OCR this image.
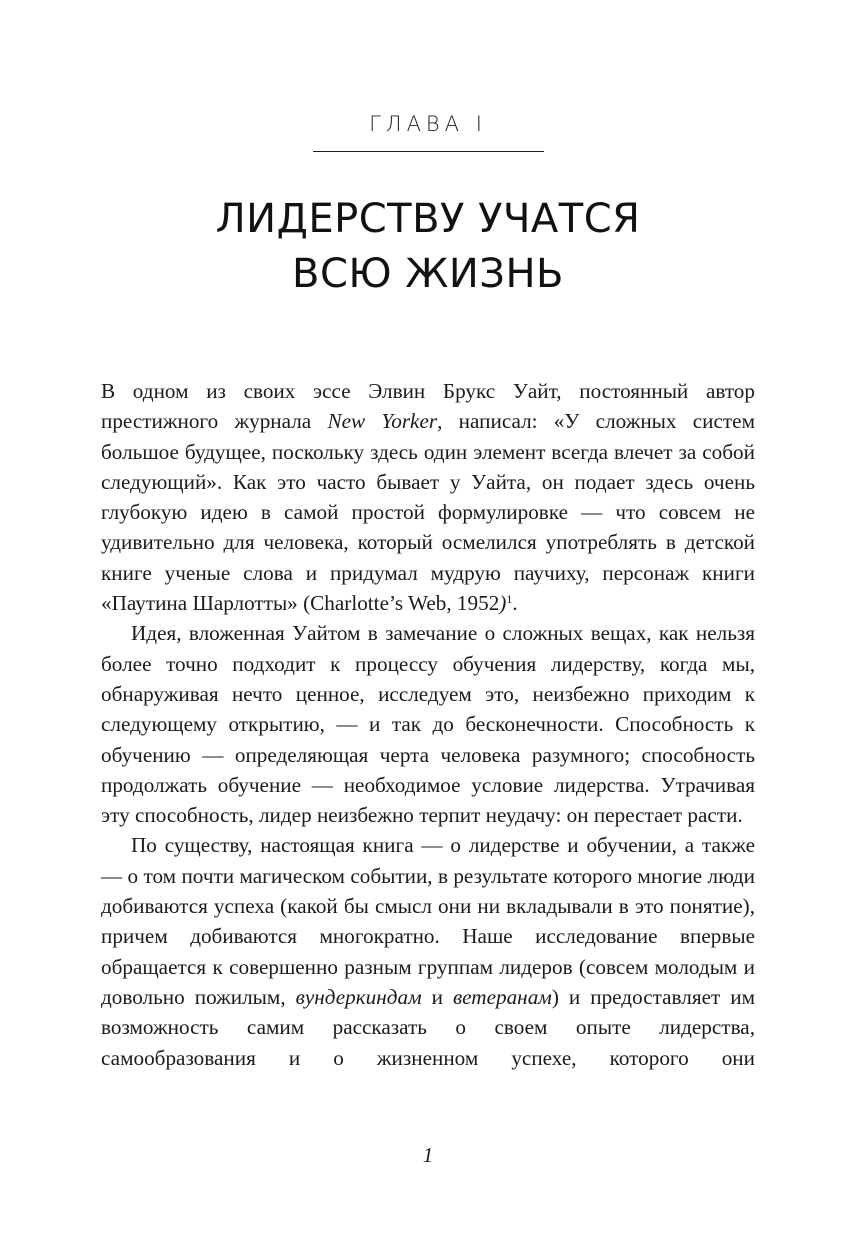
ГЛАВА I
ЛИДЕРСТВУ УЧАТСЯ
ВСЮ ЖИЗНЬ

В одном из своих эссе Элвин Брукс Уайт, постоянный автор престижного журнала New Yorker, написал: «У сложных систем большое будущее, поскольку здесь один элемент всегда влечет за собой следующий». Как это часто бывает у Уайта, он подает здесь очень глубокую идею в самой простой формулировке — что совсем не удивительно для человека, который осмелился употреблять в детской книге ученые слова и придумал мудрую паучиху, персонаж книги «Паутина Шарлотты» (Charlotte’s Web, 1952)$^1$.

Идея, вложенная Уайтом в замечание о сложных вещах, как нельзя более точно подходит к процессу обучения лидерству, когда мы, обнаруживая нечто ценное, исследуем это, неизбежно приходим к следующему открытию, — и так до бесконечности. Способность к обучению — определяющая черта человека разумного; способность продолжать обучение — необходимое условие лидерства. Утрачивая эту способность, лидер неизбежно терпит неудачу: он перестает расти.

По существу, настоящая книга — о лидерстве и обучении, а также — о том почти магическом событии, в результате которого многие люди добиваются успеха (какой бы смысл они ни вкладывали в это понятие), причем добиваются многократно. Наше исследование впервые обращается к совершенно разным группам лидеров (совсем молодым и довольно пожилым, вундеркиндам и ветеранам) и предоставляет им возможность самим рассказать о своем опыте лидерства, самообразования и о жизненном успехе, которого они

1
